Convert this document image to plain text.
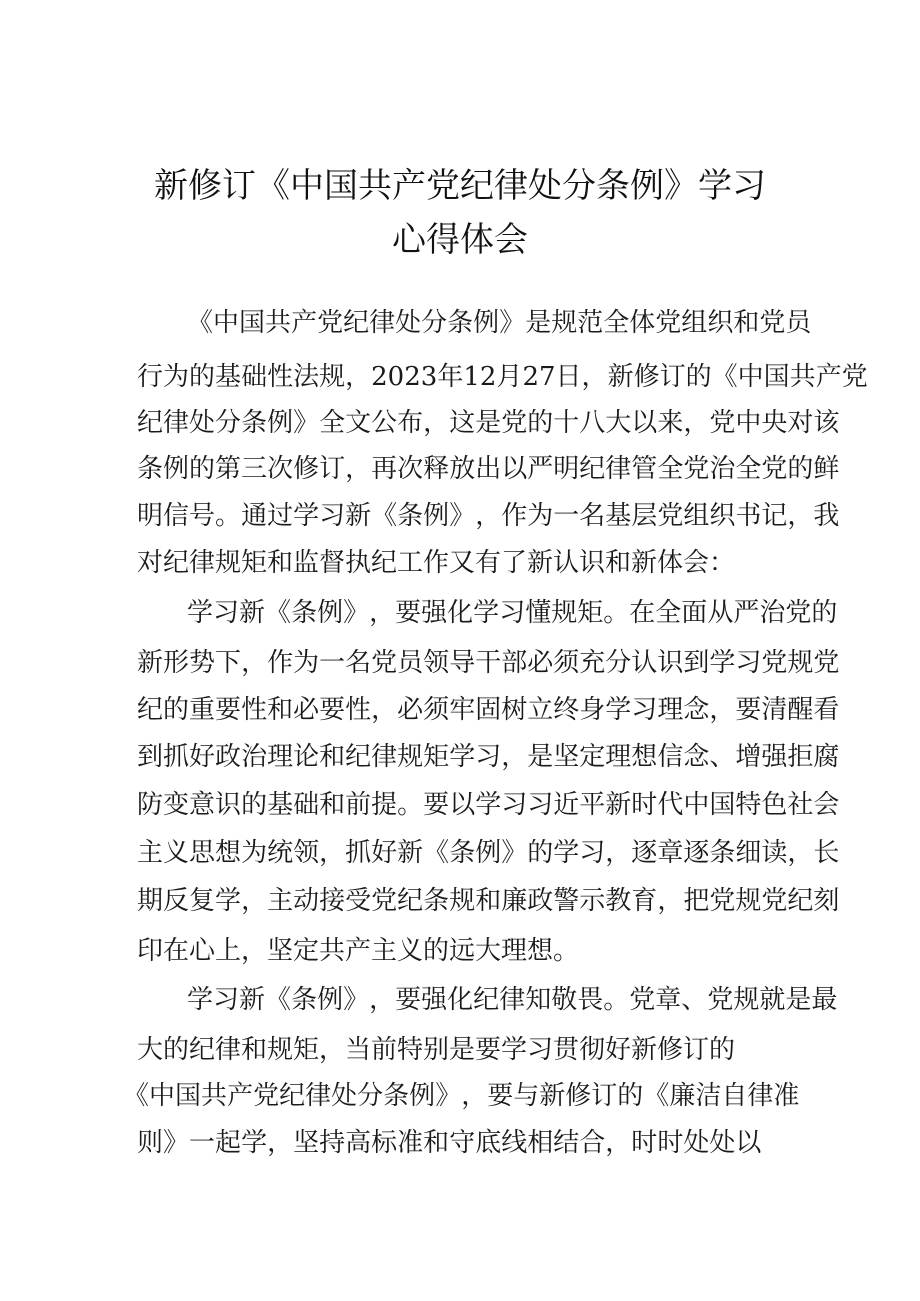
新修订《中国共产党纪律处分条例》学习
心得体会
《 中 国 共 产 党 纪 律 处 分 条 例 》 是 规 范 全 体 党 组 织 和 党 员
行 为 的 基 础 性 法 规 ， 2023 年 12 月 27 日 ， 新 修 订 的 《 中 国 共 产 党
纪 律 处 分 条 例 》 全 文 公 布 ， 这 是 党 的 十 八 大 以 来 ， 党 中 央 对 该
条 例 的 第 三 次 修 订 ， 再 次 释 放 出 以 严 明 纪 律 管 全 党 治 全 党 的 鲜
明 信 号 。 通 过 学 习 新 《 条 例 》 ， 作 为 一 名 基 层 党 组 织 书 记 ， 我
对纪律规矩和监督执纪工作又有了新认识和新体会：
学 习 新 《 条 例 》 ， 要 强 化 学 习 懂 规 矩 。 在 全 面 从 严 治 党 的
新 形 势 下 ， 作 为 一 名 党 员 领 导 干 部 必 须 充 分 认 识 到 学 习 党 规 党
纪 的 重 要 性 和 必 要 性 ， 必 须 牢 固 树 立 终 身 学 习 理 念 ， 要 清 醒 看
到 抓 好 政 治 理 论 和 纪 律 规 矩 学 习 ， 是 坚 定 理 想 信 念 、 增 强 拒 腐
防 变 意 识 的 基 础 和 前 提 。 要 以 学 习 习 近 平 新 时 代 中 国 特 色 社 会
主 义 思 想 为 统 领 ， 抓 好 新 《 条 例 》 的 学 习 ， 逐 章 逐 条 细 读 ， 长
期 反 复 学 ， 主 动 接 受 党 纪 条 规 和 廉 政 警 示 教 育 ， 把 党 规 党 纪 刻
印在心上，坚定共产主义的远大理想。
学 习 新 《 条 例 》 ， 要 强 化 纪 律 知 敬 畏 。 党 章 、 党 规 就 是 最
大的纪律和规矩，当前特别是要学习贯彻好新修订的
《 中 国 共 产 党 纪 律 处 分 条 例 》 ， 要 与 新 修 订 的 《 廉 洁 自 律 准
则 》 一 起 学 ， 坚 持 高 标 准 和 守 底 线 相 结 合 ， 时 时 处 处 以
